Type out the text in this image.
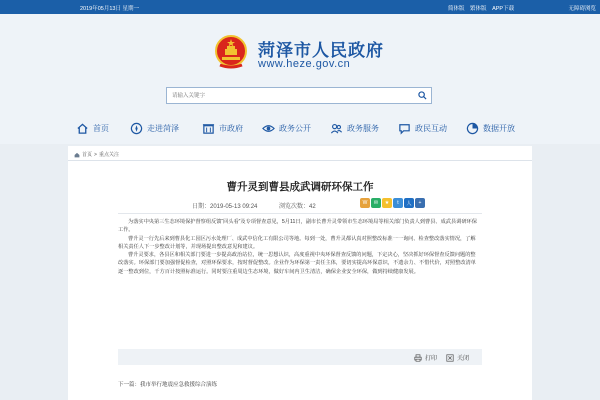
2019年05月13日 星期一	简体版 繁体版 APP下载	无障碍浏览
菏泽市人民政府
www.heze.gov.cn
请输入关键字
首页	走进菏泽	市政府	政务公开	政务服务	政民互动	数据开放
首页 > 重点关注
曹升灵到曹县成武调研环保工作
日期：2019-05-13 09:24	浏览次数：42
W	✉	★	t	人	+

为落实中央第三生态环境保护督察组反馈“回头看”及专项督查意见，5月11日，副市长曹升灵带领市生态环境局等相关部门负责人到曹县、成武县调研环保工作。

曹升灵一行先后来到曹县化工园区污水处理厂、成武中信化工有限公司等地。每到一处，曹升灵都认真对照整改标准一一询问、检查整改落实情况，了解相关责任人下一步整改计划等，并现场提出整改意见和建议。

曹升灵要求，各县区和相关部门要进一步提高政治站位，统一思想认识，高度重视中央环保督查反馈的问题，下定决心，坚决抓好环保督查反馈问题的整改落实。环保部门要加强督促检查，对照环保要求，按时督促整改。企业作为环保第一责任主体，要切实提高环保意识，不遗余力、不惜代价，对照整改清单逐一整改到位，千方百计按照标准运行。同时要注重周边生态环境，做好车间内卫生清洁，确保企业安全环保，做到持续健康发展。

打印	关闭
下一篇：我市举行地震应急救援综合演练
